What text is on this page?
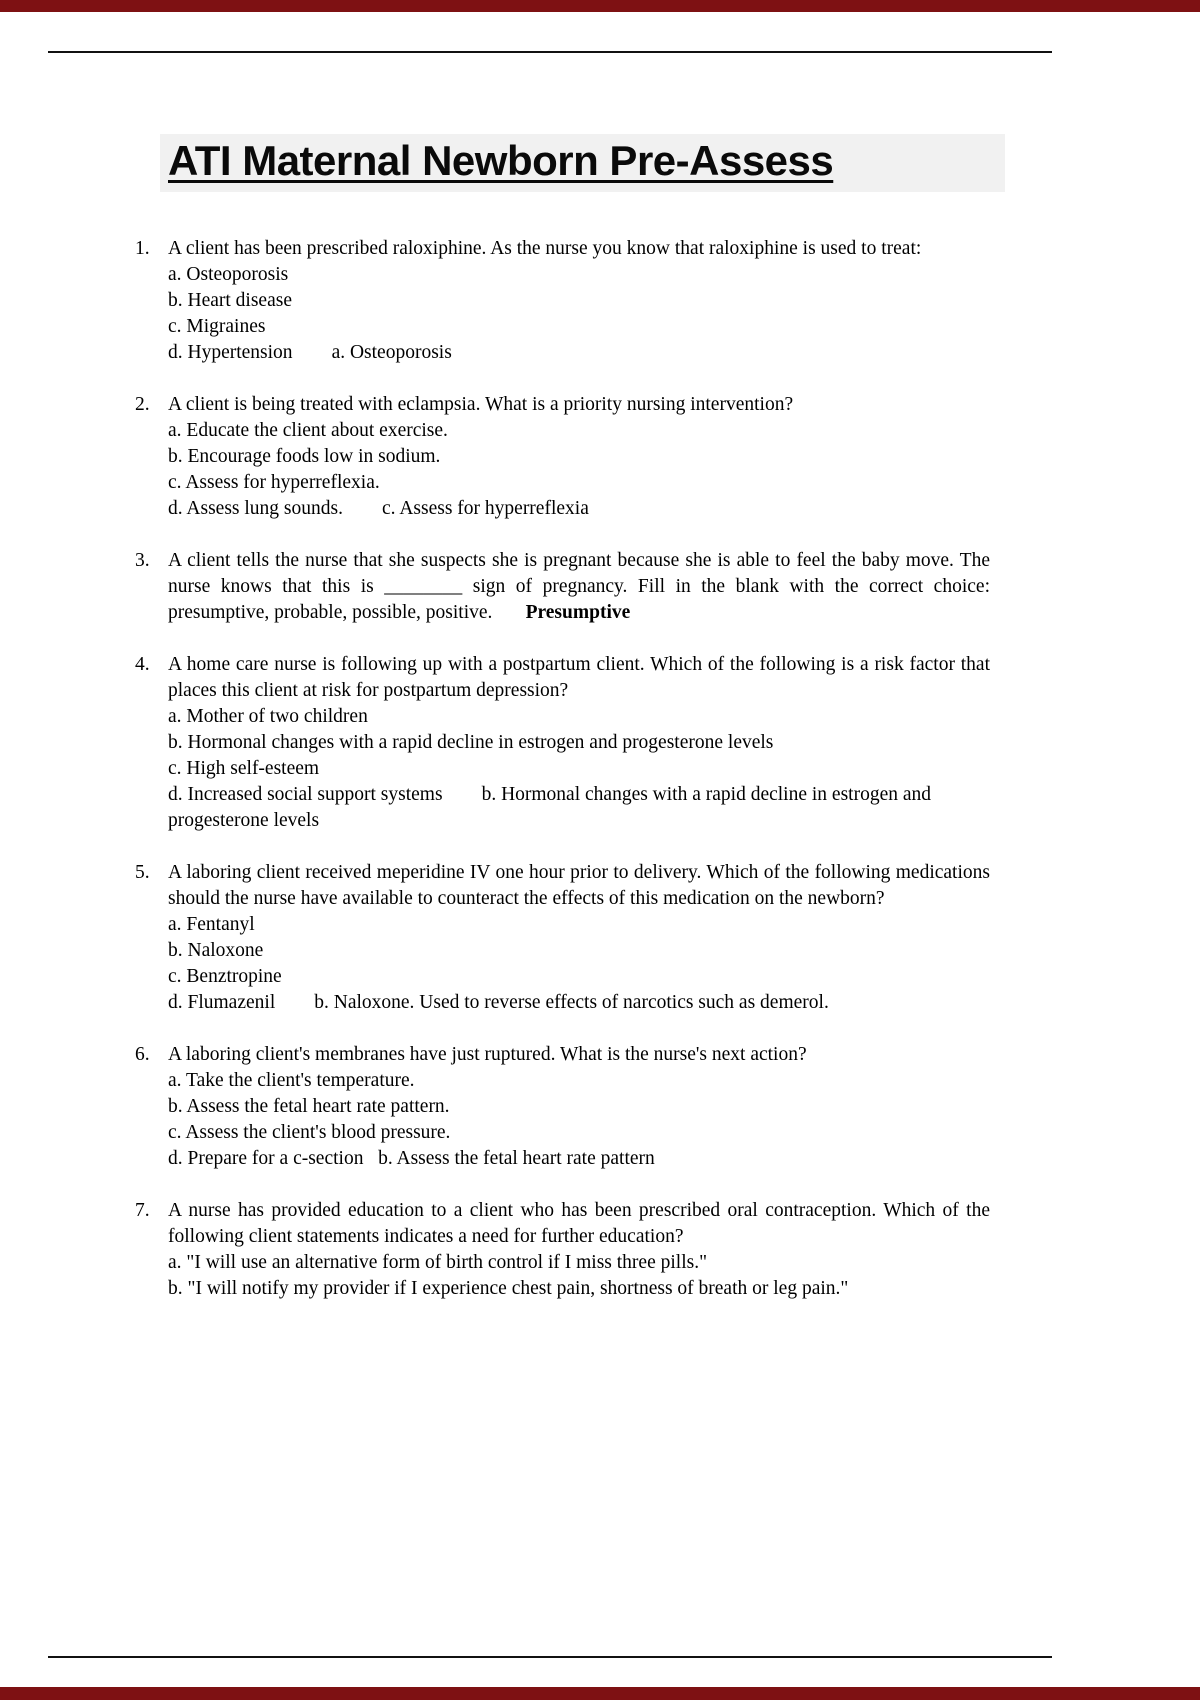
ATI Maternal Newborn Pre-Assess
1. A client has been prescribed raloxiphine. As the nurse you know that raloxiphine is used to treat:
a. Osteoporosis
b. Heart disease
c. Migraines
d. Hypertension a. Osteoporosis
2. A client is being treated with eclampsia. What is a priority nursing intervention?
a. Educate the client about exercise.
b. Encourage foods low in sodium.
c. Assess for hyperreflexia.
d. Assess lung sounds. c. Assess for hyperreflexia
3. A client tells the nurse that she suspects she is pregnant because she is able to feel the baby move. The nurse knows that this is ________ sign of pregnancy. Fill in the blank with the correct choice: presumptive, probable, possible, positive. Presumptive
4. A home care nurse is following up with a postpartum client. Which of the following is a risk factor that places this client at risk for postpartum depression?
a. Mother of two children
b. Hormonal changes with a rapid decline in estrogen and progesterone levels
c. High self-esteem
d. Increased social support systems b. Hormonal changes with a rapid decline in estrogen and progesterone levels
5. A laboring client received meperidine IV one hour prior to delivery. Which of the following medications should the nurse have available to counteract the effects of this medication on the newborn?
a. Fentanyl
b. Naloxone
c. Benztropine
d. Flumazenil b. Naloxone. Used to reverse effects of narcotics such as demerol.
6. A laboring client's membranes have just ruptured. What is the nurse's next action?
a. Take the client's temperature.
b. Assess the fetal heart rate pattern.
c. Assess the client's blood pressure.
d. Prepare for a c-section b. Assess the fetal heart rate pattern
7. A nurse has provided education to a client who has been prescribed oral contraception. Which of the following client statements indicates a need for further education?
a. "I will use an alternative form of birth control if I miss three pills."
b. "I will notify my provider if I experience chest pain, shortness of breath or leg pain."
